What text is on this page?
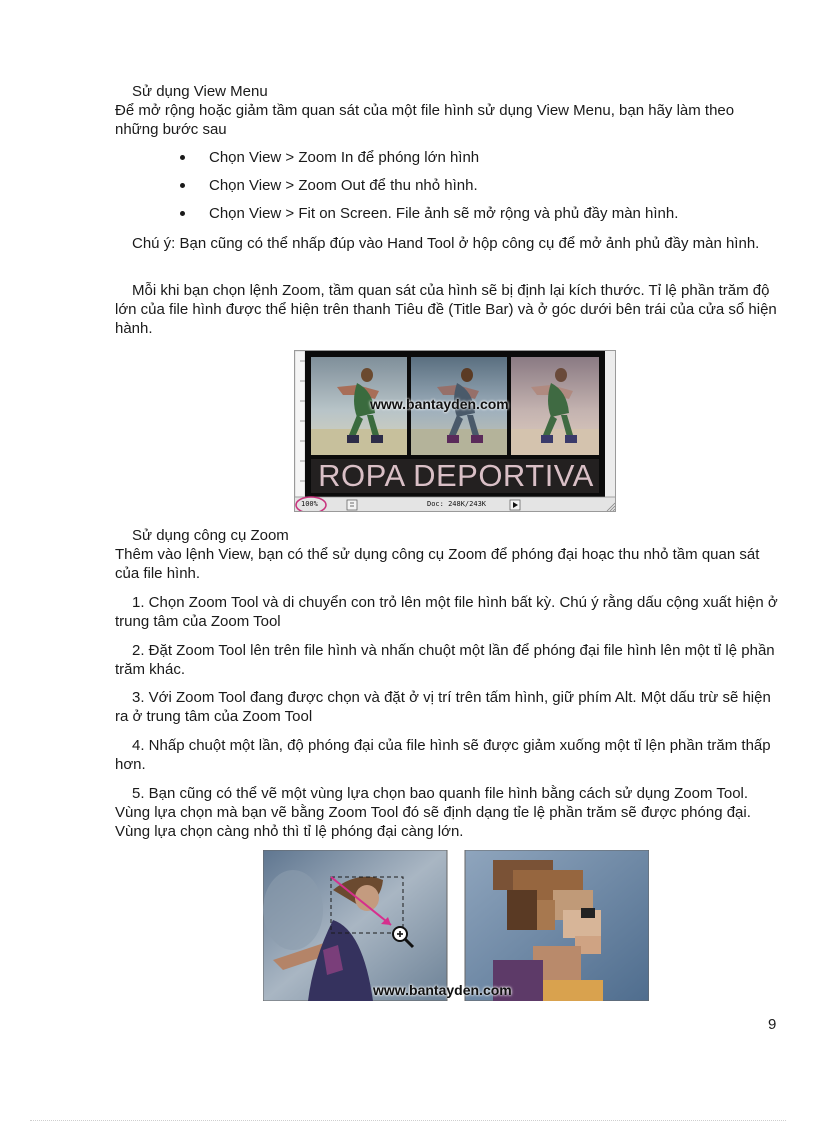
Sử dụng View Menu
Để mở rộng hoặc giảm tầm quan sát của một file hình sử dụng View Menu, bạn hãy làm theo những bước sau
Chọn View > Zoom In để phóng lớn hình
Chọn View > Zoom Out để thu nhỏ hình.
Chọn View > Fit on Screen. File ảnh sẽ mở rộng và phủ đầy màn hình.
Chú ý: Bạn cũng có thể nhấp đúp vào Hand Tool ở hộp công cụ để mở ảnh phủ đầy màn hình.
Mỗi khi bạn chọn lệnh Zoom, tầm quan sát của hình sẽ bị định lại kích thước. Tỉ lệ phần trăm độ lớn của file hình được thể hiện trên thanh Tiêu đề (Title Bar) và ở góc dưới bên trái của cửa sổ hiện hành.
www.bantayden.com
ROPA DEPORTIVA
100%	Doc: 248K/243K
Sử dụng công cụ Zoom
Thêm vào lệnh View, bạn có thể sử dụng công cụ Zoom để phóng đại hoạc thu nhỏ tầm quan sát của file hình.
1. Chọn Zoom Tool và di chuyển con trỏ lên một file hình bất kỳ. Chú ý rằng dấu cộng xuất hiện ở trung tâm của Zoom Tool
2. Đặt Zoom Tool lên trên file hình và nhấn chuột một lần để phóng đại file hình lên một tỉ lệ phần trăm khác.
3. Với Zoom Tool đang được chọn và đặt ở vị trí trên tấm hình, giữ phím Alt. Một dấu trừ sẽ hiện ra ở trung tâm của Zoom Tool
4. Nhấp chuột một lần, độ phóng đại của file hình sẽ được giảm xuống một tỉ lện phần trăm thấp hơn.
5. Bạn cũng có thể vẽ một vùng lựa chọn bao quanh file hình bằng cách sử dụng Zoom Tool. Vùng lựa chọn mà bạn vẽ bằng Zoom Tool đó sẽ định dạng tỉe lệ phần trăm sẽ được phóng đại. Vùng lựa chọn càng nhỏ thì tỉ lệ phóng đại càng lớn.
www.bantayden.com
9
